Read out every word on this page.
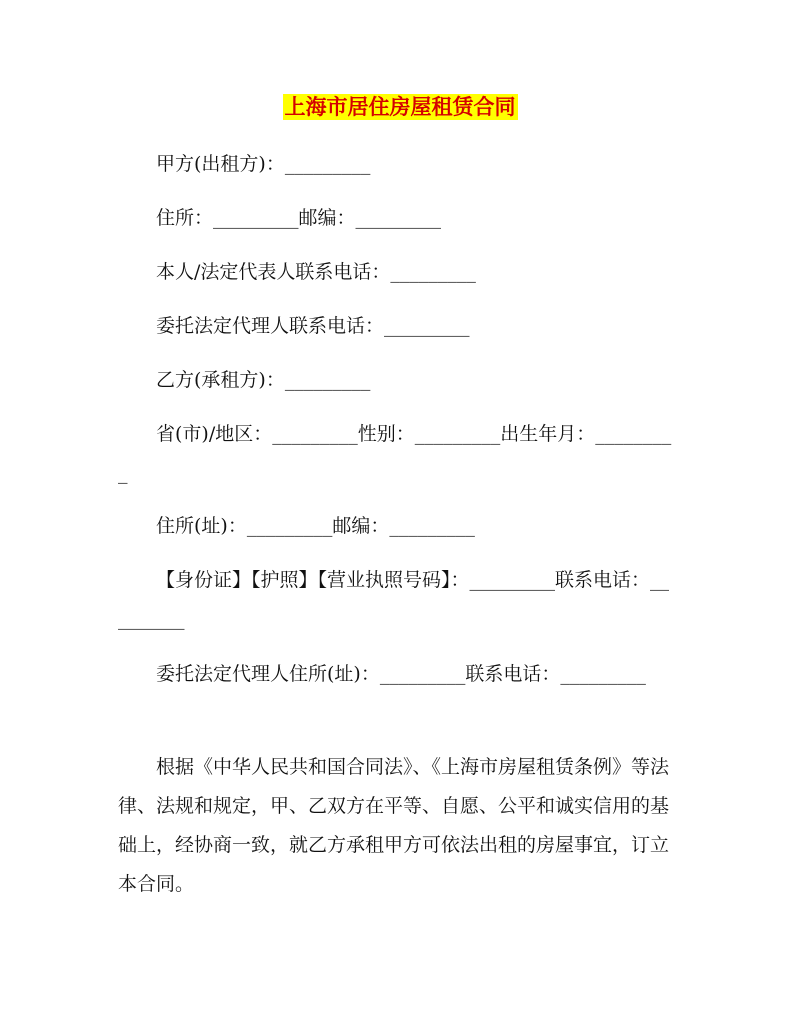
上海市居住房屋租赁合同

甲方(出租方)：_________

住所：_________邮编：_________

本人/法定代表人联系电话：_________

委托法定代理人联系电话：_________

乙方(承租方)：_________

省(市)/地区：_________性别：_________出生年月：_________

住所(址)：_________邮编：_________

【身份证】【护照】【营业执照号码】：_________联系电话：_________

委托法定代理人住所(址)：_________联系电话：_________

根据《中华人民共和国合同法》、《上海市房屋租赁条例》等法律、法规和规定，甲、乙双方在平等、自愿、公平和诚实信用的基础上，经协商一致，就乙方承租甲方可依法出租的房屋事宜，订立本合同。
